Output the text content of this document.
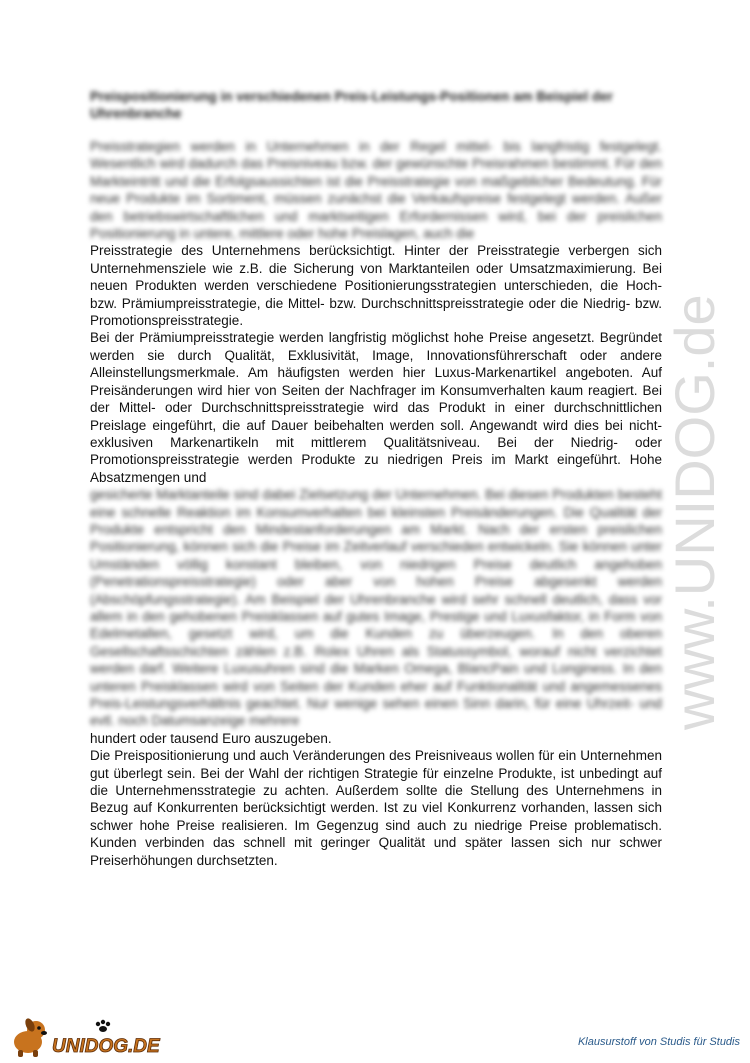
Preispositionierung in verschiedenen Preis-Leistungs-Positionen am Beispiel der Uhrenbranche

Preisstrategien werden in Unternehmen in der Regel mittel- bis langfristig festgelegt. Wesentlich wird dadurch das Preisniveau bzw. der gewünschte Preisrahmen bestimmt. Für den Markteintritt und die Erfolgsaussichten ist die Preisstrategie von maßgeblicher Bedeutung. Für neue Produkte im Sortiment, müssen zunächst die Verkaufspreise festgelegt werden. Außer den betriebswirtschaftlichen und marktseitigen Erfordernissen wird, bei der preislichen Positionierung in untere, mittlere oder hohe Preislagen, auch die

Preisstrategie des Unternehmens berücksichtigt. Hinter der Preisstrategie verbergen sich Unternehmensziele wie z.B. die Sicherung von Marktanteilen oder Umsatzmaximierung. Bei neuen Produkten werden verschiedene Positionierungsstrategien unterschieden, die Hoch- bzw. Prämiumpreisstrategie, die Mittel- bzw. Durchschnittspreisstrategie oder die Niedrig- bzw. Promotionspreisstrategie.

Bei der Prämiumpreisstrategie werden langfristig möglichst hohe Preise angesetzt. Begründet werden sie durch Qualität, Exklusivität, Image, Innovationsführerschaft oder andere Alleinstellungsmerkmale. Am häufigsten werden hier Luxus-Markenartikel angeboten. Auf Preisänderungen wird hier von Seiten der Nachfrager im Konsumverhalten kaum reagiert. Bei der Mittel- oder Durchschnittspreisstrategie wird das Produkt in einer durchschnittlichen Preislage eingeführt, die auf Dauer beibehalten werden soll. Angewandt wird dies bei nicht-exklusiven Markenartikeln mit mittlerem Qualitätsniveau. Bei der Niedrig- oder Promotionspreisstrategie werden Produkte zu niedrigen Preis im Markt eingeführt. Hohe Absatzmengen und

gesicherte Marktanteile sind dabei Zielsetzung der Unternehmen. Bei diesen Produkten besteht eine schnelle Reaktion im Konsumverhalten bei kleinsten Preisänderungen. Die Qualität der Produkte entspricht den Mindestanforderungen am Markt. Nach der ersten preislichen Positionierung, können sich die Preise im Zeitverlauf verschieden entwickeln. Sie können unter Umständen völlig konstant bleiben, von niedrigen Preise deutlich angehoben (Penetrationspreisstrategie) oder aber von hohen Preise abgesenkt werden (Abschöpfungsstrategie). Am Beispiel der Uhrenbranche wird sehr schnell deutlich, dass vor allem in den gehobenen Preisklassen auf gutes Image, Prestige und Luxusfaktor, in Form von Edelmetallen, gesetzt wird, um die Kunden zu überzeugen. In den oberen Gesellschaftsschichten zählen z.B. Rolex Uhren als Statussymbol, worauf nicht verzichtet werden darf. Weitere Luxusuhren sind die Marken Omega, BlancPain und Longiness. In den unteren Preisklassen wird von Seiten der Kunden eher auf Funktionalität und angemessenes Preis-Leistungsverhältnis geachtet. Nur wenige sehen einen Sinn darin, für eine Uhrzeit- und evtl. noch Datumsanzeige mehrere

hundert oder tausend Euro auszugeben.

Die Preispositionierung und auch Veränderungen des Preisniveaus wollen für ein Unternehmen gut überlegt sein. Bei der Wahl der richtigen Strategie für einzelne Produkte, ist unbedingt auf die Unternehmensstrategie zu achten. Außerdem sollte die Stellung des Unternehmens in Bezug auf Konkurrenten berücksichtigt werden. Ist zu viel Konkurrenz vorhanden, lassen sich schwer hohe Preise realisieren. Im Gegenzug sind auch zu niedrige Preise problematisch. Kunden verbinden das schnell mit geringer Qualität und später lassen sich nur schwer Preiserhöhungen durchsetzten.

www.UNIDOG.de
UNIDOG.DE	Klausurstoff von Studis für Studis
